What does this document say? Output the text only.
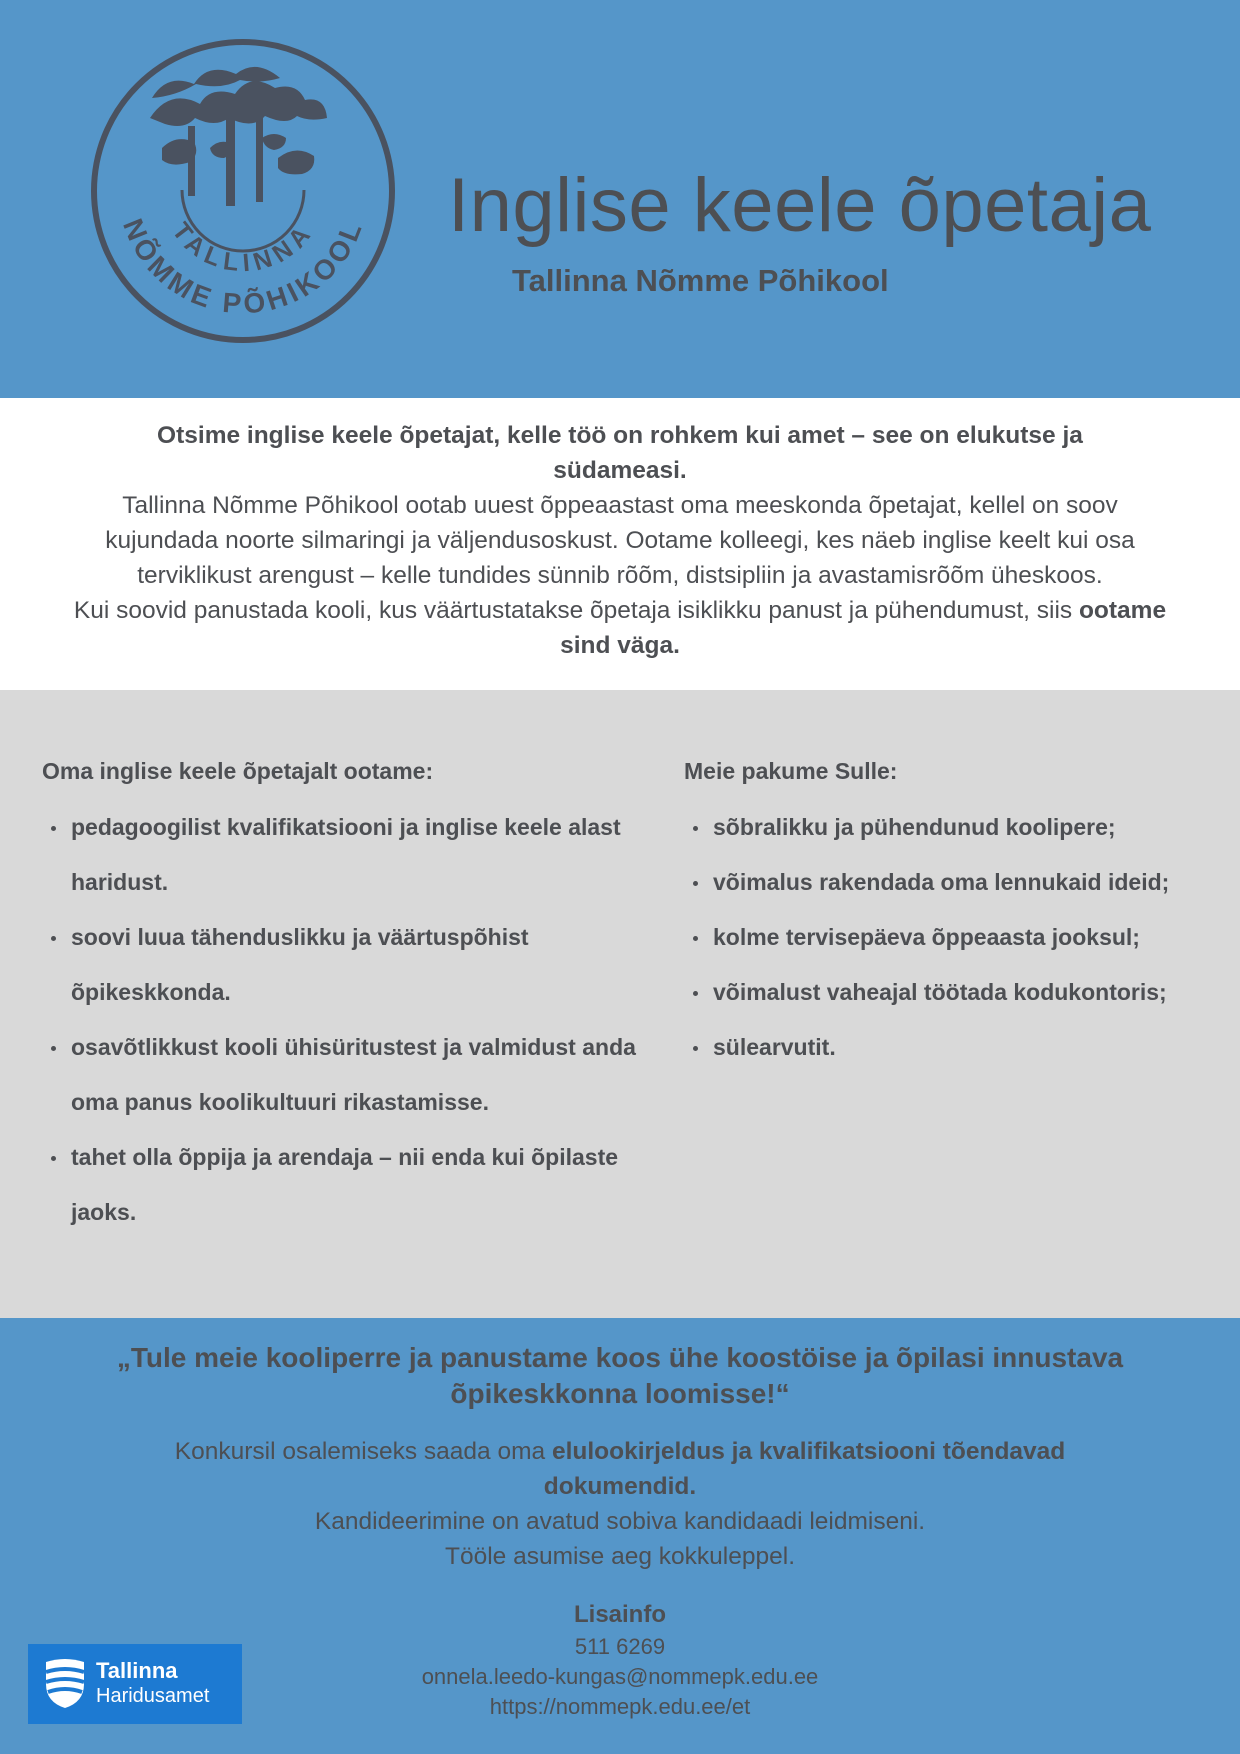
TALLINNA
NÕMME PÕHIKOOL Inglise keele õpetaja
Tallinna Nõmme Põhikool

Otsime inglise keele õpetajat, kelle töö on rohkem kui amet – see on elukutse ja südameasi.

Tallinna Nõmme Põhikool ootab uuest õppeaastast oma meeskonda õpetajat, kellel on soov kujundada noorte silmaringi ja väljendusoskust. Ootame kolleegi, kes näeb inglise keelt kui osa terviklikust arengust – kelle tundides sünnib rõõm, distsipliin ja avastamisrõõm üheskoos.

Kui soovid panustada kooli, kus väärtustatakse õpetaja isiklikku panust ja pühendumust, siis ootame sind väga.

Oma inglise keele õpetajalt ootame:
pedagoogilist kvalifikatsiooni ja inglise keele alast haridust.
soovi luua tähenduslikku ja väärtuspõhist õpikeskkonda.
osavõtlikkust kooli ühisüritustest ja valmidust anda oma panus koolikultuuri rikastamisse.
tahet olla õppija ja arendaja – nii enda kui õpilaste jaoks.
Meie pakume Sulle:
sõbralikku ja pühendunud koolipere;
võimalus rakendada oma lennukaid ideid;
kolme tervisepäeva õppeaasta jooksul;
võimalust vaheajal töötada kodukontoris;
sülearvutit.

„Tule meie kooliperre ja panustame koos ühe koostöise ja õpilasi innustava õpikeskkonna loomisse!“

Konkursil osalemiseks saada oma elulookirjeldus ja kvalifikatsiooni tõendavad dokumendid.
Kandideerimine on avatud sobiva kandidaadi leidmiseni.
Tööle asumise aeg kokkuleppel.

Lisainfo
511 6269
onnela.leedo-kungas@nommepk.edu.ee
https://nommepk.edu.ee/et
Tallinna
Haridusamet
